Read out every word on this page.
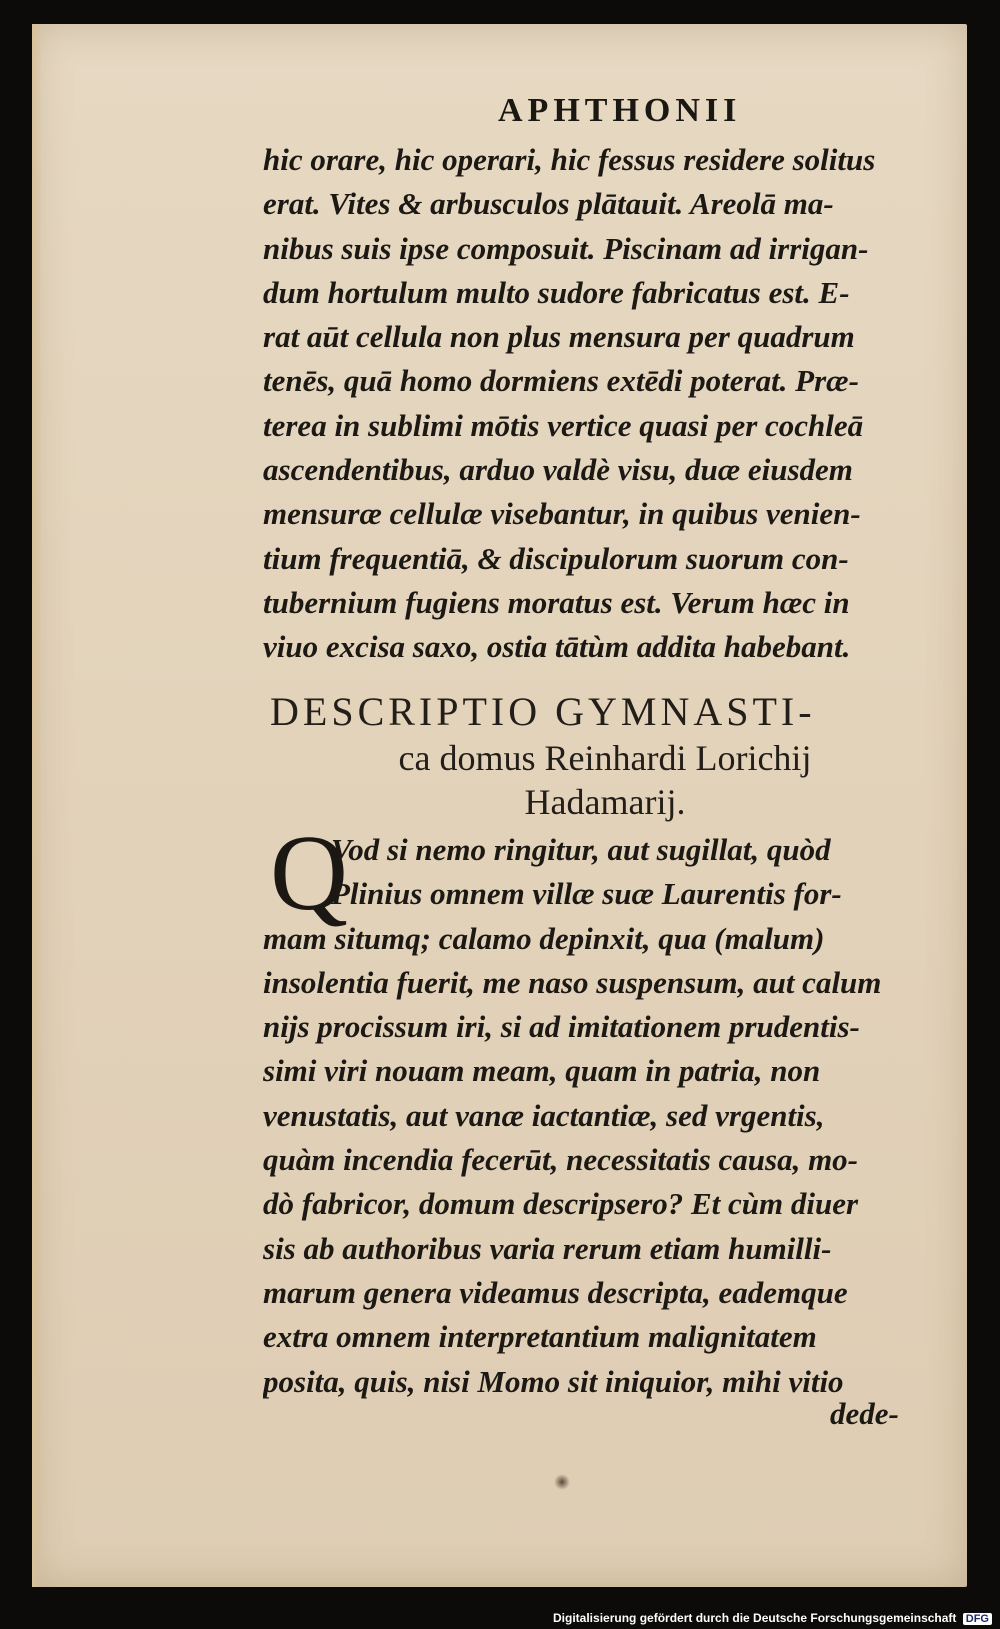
APHTHONII
hic orare, hic operari, hic fessus residere solitus
erat. Vites & arbusculos plātauit. Areolā ma-
nibus suis ipse composuit. Piscinam ad irrigan-
dum hortulum multo sudore fabricatus est. E-
rat aūt cellula non plus mensura per quadrum
tenēs, quā homo dormiens extēdi poterat. Præ-
terea in sublimi mōtis vertice quasi per cochleā
ascendentibus, arduo valdè visu, duæ eiusdem
mensuræ cellulæ visebantur, in quibus venien-
tium frequentiā, & discipulorum suorum con-
tubernium fugiens moratus est. Verum hæc in
viuo excisa saxo, ostia tātùm addita habebant.
DESCRIPTIO GYMNASTI-
ca domus Reinhardi Lorichij
Hadamarij.
Q
Vod si nemo ringitur, aut sugillat, quòd
Plinius omnem villæ suæ Laurentis for-
mam situmq; calamo depinxit, qua (malum)
insolentia fuerit, me naso suspensum, aut calum
nijs procissum iri, si ad imitationem prudentis-
simi viri nouam meam, quam in patria, non
venustatis, aut vanæ iactantiæ, sed vrgentis,
quàm incendia fecerūt, necessitatis causa, mo-
dò fabricor, domum descripsero? Et cùm diuer
sis ab authoribus varia rerum etiam humilli-
marum genera videamus descripta, eademque
extra omnem interpretantium malignitatem
posita, quis, nisi Momo sit iniquior, mihi vitio
dede-
Digitalisierung gefördert durch die Deutsche Forschungsgemeinschaft DFG
